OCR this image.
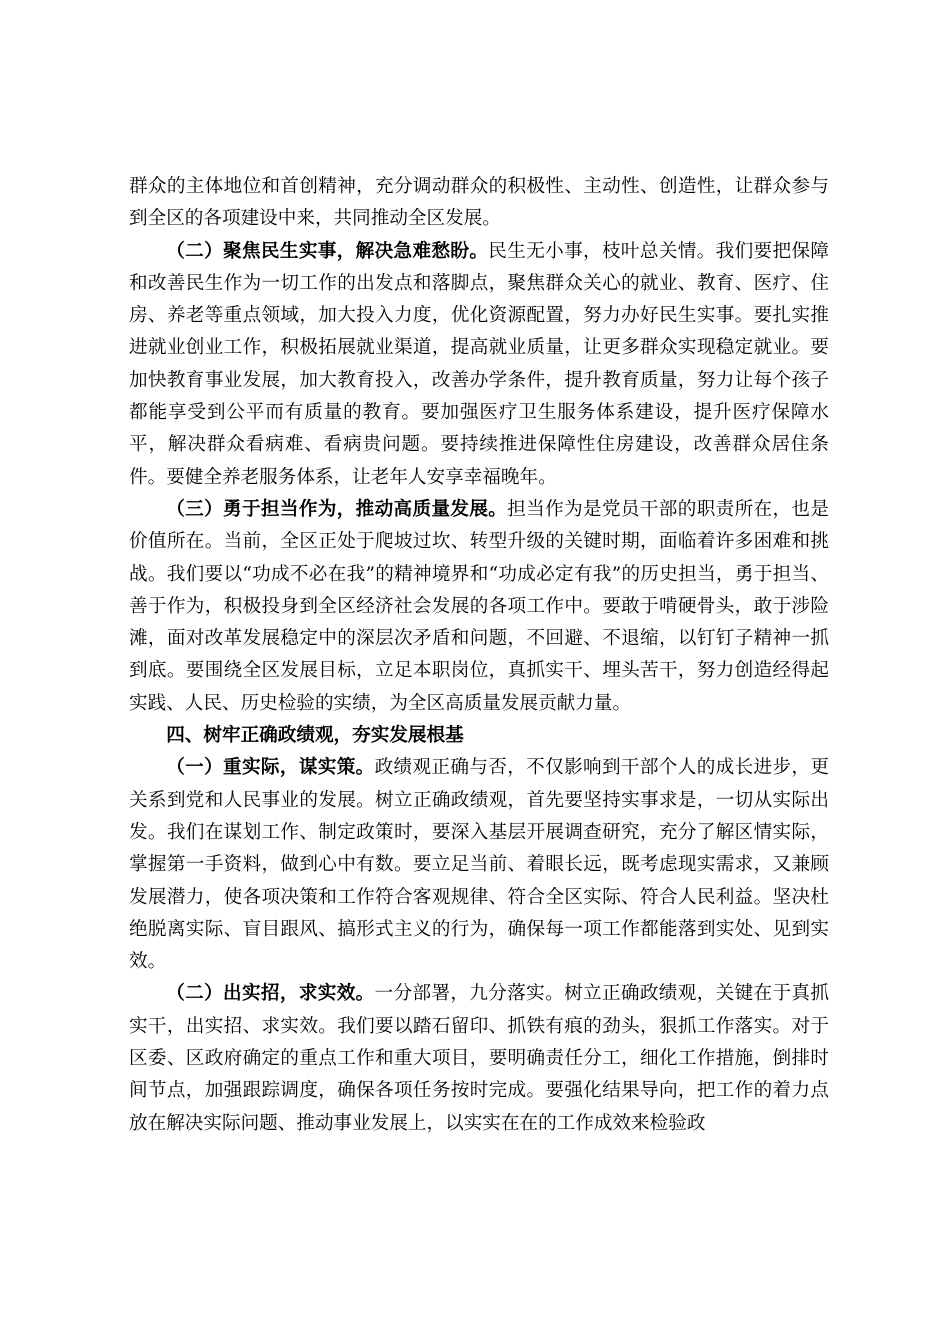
群众的主体地位和首创精神，充分调动群众的积极性、主动性、创造性，让群众参与到全区的各项建设中来，共同推动全区发展。

（二）聚焦民生实事，解决急难愁盼。民生无小事，枝叶总关情。我们要把保障和改善民生作为一切工作的出发点和落脚点，聚焦群众关心的就业、教育、医疗、住房、养老等重点领域，加大投入力度，优化资源配置，努力办好民生实事。要扎实推进就业创业工作，积极拓展就业渠道，提高就业质量，让更多群众实现稳定就业。要加快教育事业发展，加大教育投入，改善办学条件，提升教育质量，努力让每个孩子都能享受到公平而有质量的教育。要加强医疗卫生服务体系建设，提升医疗保障水平，解决群众看病难、看病贵问题。要持续推进保障性住房建设，改善群众居住条件。要健全养老服务体系，让老年人安享幸福晚年。

（三）勇于担当作为，推动高质量发展。担当作为是党员干部的职责所在，也是价值所在。当前，全区正处于爬坡过坎、转型升级的关键时期，面临着许多困难和挑战。我们要以“功成不必在我”的精神境界和“功成必定有我”的历史担当，勇于担当、善于作为，积极投身到全区经济社会发展的各项工作中。要敢于啃硬骨头，敢于涉险滩，面对改革发展稳定中的深层次矛盾和问题，不回避、不退缩，以钉钉子精神一抓到底。要围绕全区发展目标，立足本职岗位，真抓实干、埋头苦干，努力创造经得起实践、人民、历史检验的实绩，为全区高质量发展贡献力量。

四、树牢正确政绩观，夯实发展根基

（一）重实际，谋实策。政绩观正确与否，不仅影响到干部个人的成长进步，更关系到党和人民事业的发展。树立正确政绩观，首先要坚持实事求是，一切从实际出发。我们在谋划工作、制定政策时，要深入基层开展调查研究，充分了解区情实际，掌握第一手资料，做到心中有数。要立足当前、着眼长远，既考虑现实需求，又兼顾发展潜力，使各项决策和工作符合客观规律、符合全区实际、符合人民利益。坚决杜绝脱离实际、盲目跟风、搞形式主义的行为，确保每一项工作都能落到实处、见到实效。

（二）出实招，求实效。一分部署，九分落实。树立正确政绩观，关键在于真抓实干，出实招、求实效。我们要以踏石留印、抓铁有痕的劲头，狠抓工作落实。对于区委、区政府确定的重点工作和重大项目，要明确责任分工，细化工作措施，倒排时间节点，加强跟踪调度，确保各项任务按时完成。要强化结果导向，把工作的着力点放在解决实际问题、推动事业发展上，以实实在在的工作成效来检验政
